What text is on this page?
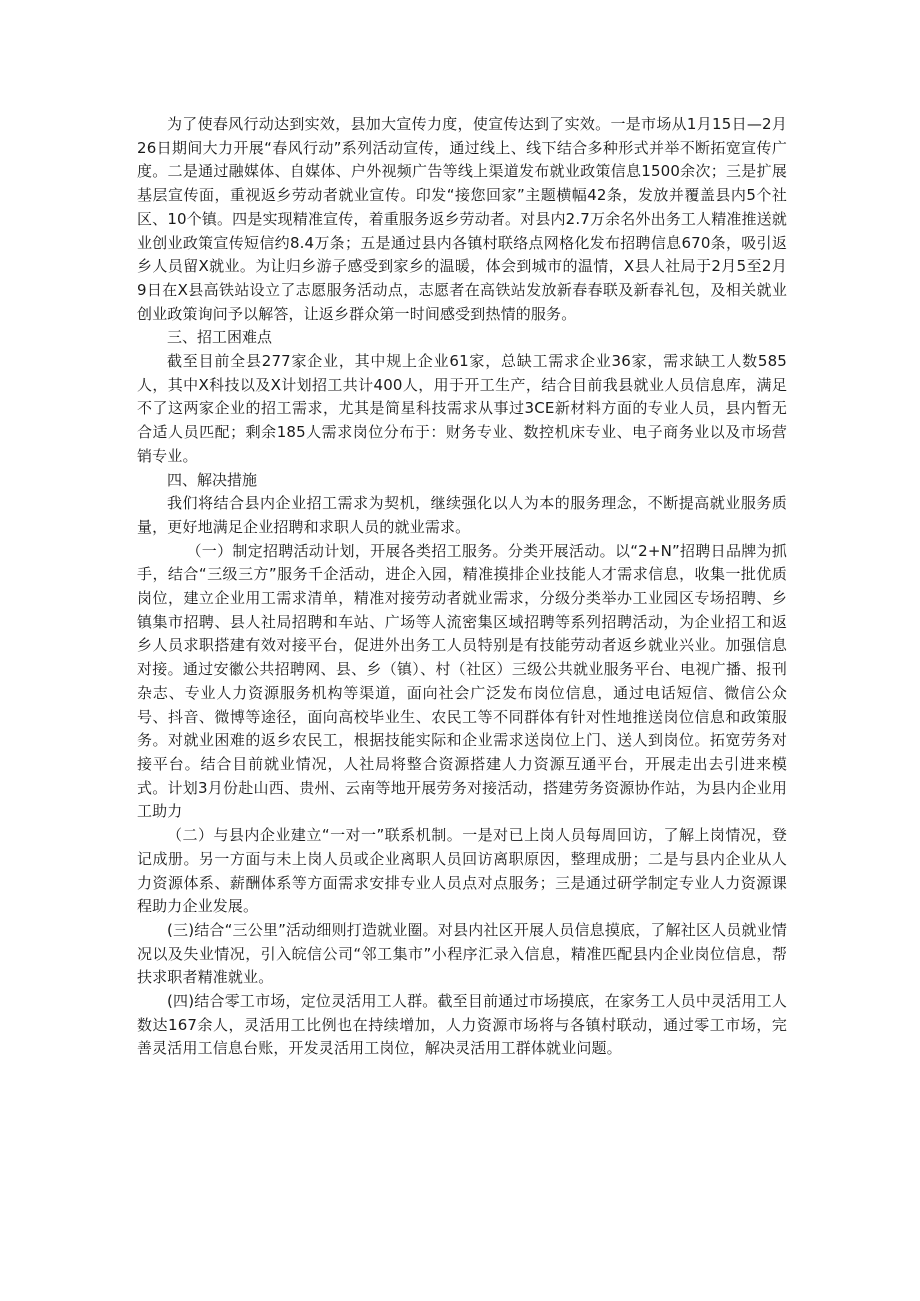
为了使春风行动达到实效，县加大宣传力度，使宣传达到了实效。一是市场从1月15日—2月26日期间大力开展“春风行动”系列活动宣传，通过线上、线下结合多种形式并举不断拓宽宣传广度。二是通过融媒体、自媒体、户外视频广告等线上渠道发布就业政策信息1500余次；三是扩展基层宣传面，重视返乡劳动者就业宣传。印发“接您回家”主题横幅42条，发放并覆盖县内5个社区、10个镇。四是实现精准宣传，着重服务返乡劳动者。对县内2.7万余名外出务工人精准推送就业创业政策宣传短信约8.4万条；五是通过县内各镇村联络点网格化发布招聘信息670条，吸引返乡人员留X就业。为让归乡游子感受到家乡的温暖，体会到城市的温情，X县人社局于2月5至2月9日在X县高铁站设立了志愿服务活动点，志愿者在高铁站发放新春春联及新春礼包，及相关就业创业政策询问予以解答，让返乡群众第一时间感受到热情的服务。

三、招工困难点

截至目前全县277家企业，其中规上企业61家，总缺工需求企业36家，需求缺工人数585人，其中X科技以及X计划招工共计400人，用于开工生产，结合目前我县就业人员信息库，满足不了这两家企业的招工需求，尤其是简星科技需求从事过3CE新材料方面的专业人员，县内暂无合适人员匹配；剩余185人需求岗位分布于：财务专业、数控机床专业、电子商务业以及市场营销专业。

四、解决措施

我们将结合县内企业招工需求为契机，继续强化以人为本的服务理念，不断提高就业服务质量，更好地满足企业招聘和求职人员的就业需求。

（一）制定招聘活动计划，开展各类招工服务。分类开展活动。以“2+N”招聘日品牌为抓手，结合“三级三方”服务千企活动，进企入园，精准摸排企业技能人才需求信息，收集一批优质岗位，建立企业用工需求清单，精准对接劳动者就业需求，分级分类举办工业园区专场招聘、乡镇集市招聘、县人社局招聘和车站、广场等人流密集区域招聘等系列招聘活动，为企业招工和返乡人员求职搭建有效对接平台，促进外出务工人员特别是有技能劳动者返乡就业兴业。加强信息对接。通过安徽公共招聘网、县、乡（镇）、村（社区）三级公共就业服务平台、电视广播、报刊杂志、专业人力资源服务机构等渠道，面向社会广泛发布岗位信息，通过电话短信、微信公众号、抖音、微博等途径，面向高校毕业生、农民工等不同群体有针对性地推送岗位信息和政策服务。对就业困难的返乡农民工，根据技能实际和企业需求送岗位上门、送人到岗位。拓宽劳务对接平台。结合目前就业情况，人社局将整合资源搭建人力资源互通平台，开展走出去引进来模式。计划3月份赴山西、贵州、云南等地开展劳务对接活动，搭建劳务资源协作站，为县内企业用工助力

（二）与县内企业建立“一对一”联系机制。一是对已上岗人员每周回访，了解上岗情况，登记成册。另一方面与未上岗人员或企业离职人员回访离职原因，整理成册；二是与县内企业从人力资源体系、薪酬体系等方面需求安排专业人员点对点服务；三是通过研学制定专业人力资源课程助力企业发展。

(三)结合“三公里”活动细则打造就业圈。对县内社区开展人员信息摸底，了解社区人员就业情况以及失业情况，引入皖信公司“邻工集市”小程序汇录入信息，精准匹配县内企业岗位信息，帮扶求职者精准就业。

(四)结合零工市场，定位灵活用工人群。截至目前通过市场摸底，在家务工人员中灵活用工人数达167余人，灵活用工比例也在持续增加，人力资源市场将与各镇村联动，通过零工市场，完善灵活用工信息台账，开发灵活用工岗位，解决灵活用工群体就业问题。
